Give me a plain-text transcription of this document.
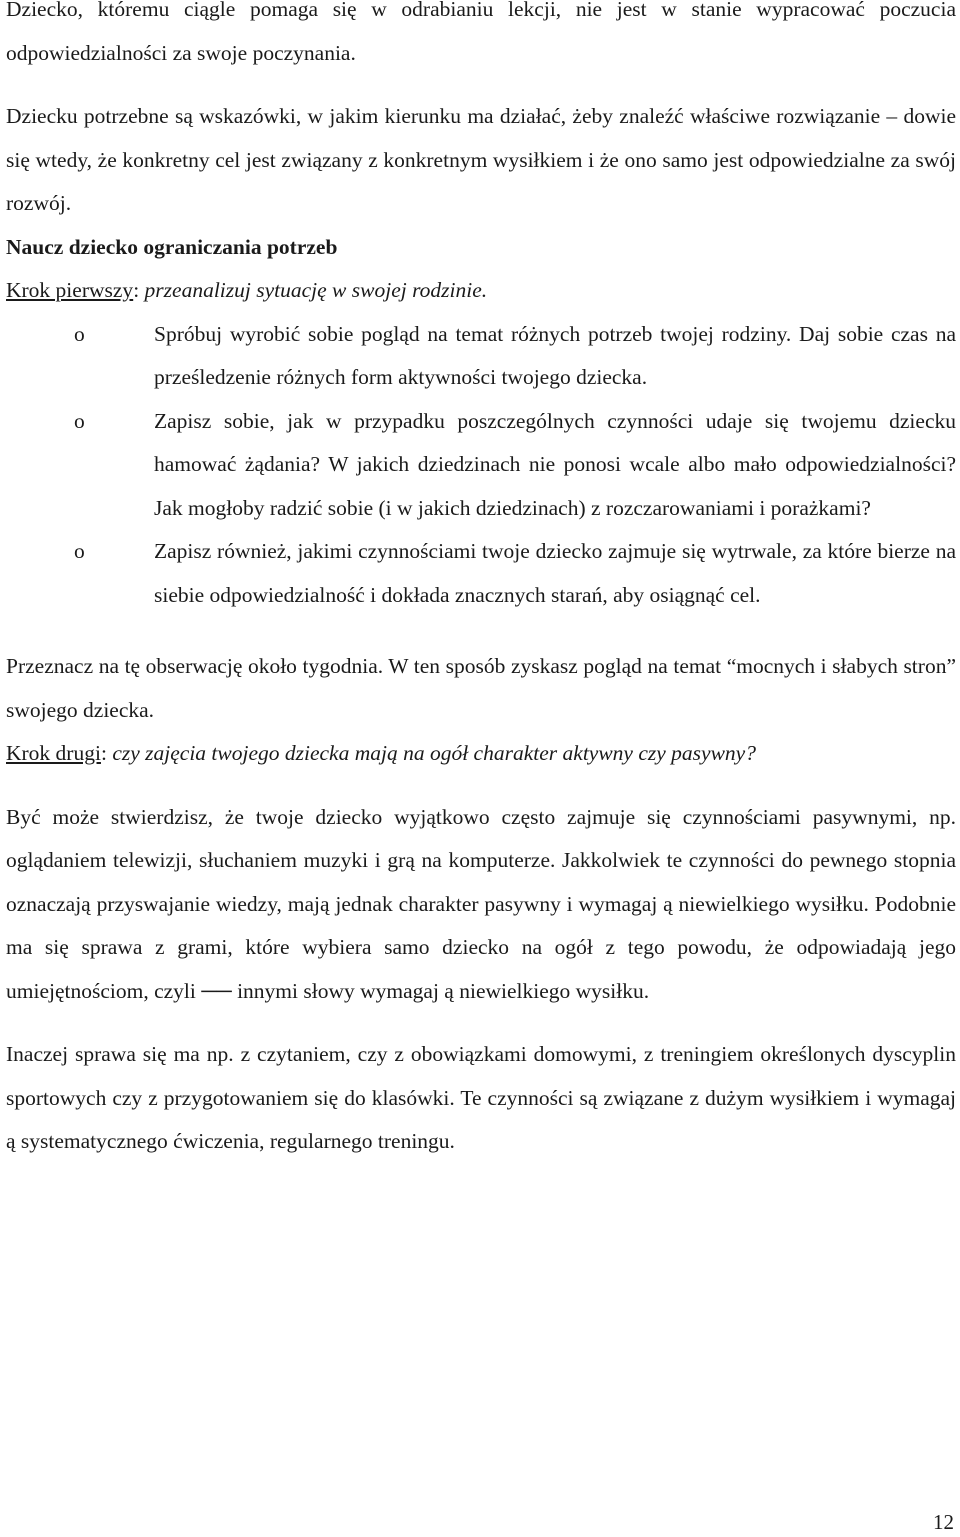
Dziecko, któremu ciągle pomaga się w odrabianiu lekcji, nie jest w stanie wypracować poczucia odpowiedzialności za swoje poczynania.

Dziecku potrzebne są wskazówki, w jakim kierunku ma działać, żeby znaleźć właściwe rozwiązanie – dowie się wtedy, że konkretny cel jest związany z konkretnym wysiłkiem i że ono samo jest odpowiedzialne za swój rozwój.

Naucz dziecko ograniczania potrzeb

Krok pierwszy: przeanalizuj sytuację w swojej rodzinie.

o	Spróbuj wyrobić sobie pogląd na temat różnych potrzeb twojej rodziny. Daj sobie czas na prześledzenie różnych form aktywności twojego dziecka.
o	Zapisz sobie, jak w przypadku poszczególnych czynności udaje się twojemu dziecku hamować żądania? W jakich dziedzinach nie ponosi wcale albo mało odpowiedzialności? Jak mogłoby radzić sobie (i w jakich dziedzinach) z rozczarowaniami i porażkami?
o	Zapisz również, jakimi czynnościami twoje dziecko zajmuje się wytrwale, za które bierze na siebie odpowiedzialność i dokłada znacznych starań, aby osiągnąć cel.

Przeznacz na tę obserwację około tygodnia. W ten sposób zyskasz pogląd na temat “mocnych i słabych stron” swojego dziecka.

Krok drugi: czy zajęcia twojego dziecka mają na ogół charakter aktywny czy pasywny?

Być może stwierdzisz, że twoje dziecko wyjątkowo często zajmuje się czynnościami pasywnymi, np. oglądaniem telewizji, słuchaniem muzyki i grą na komputerze. Jakkolwiek te czynności do pewnego stopnia oznaczają przyswajanie wiedzy, mają jednak charakter pasywny i wymagaj ą niewielkiego wysiłku. Podobnie ma się sprawa z grami, które wybiera samo dziecko na ogół z tego powodu, że odpowiadają jego umiejętnościom, czyli ── innymi słowy wymagaj ą niewielkiego wysiłku.

Inaczej sprawa się ma np. z czytaniem, czy z obowiązkami domowymi, z treningiem określonych dyscyplin sportowych czy z przygotowaniem się do klasówki. Te czynności są związane z dużym wysiłkiem i wymagaj ą systematycznego ćwiczenia, regularnego treningu.

12
